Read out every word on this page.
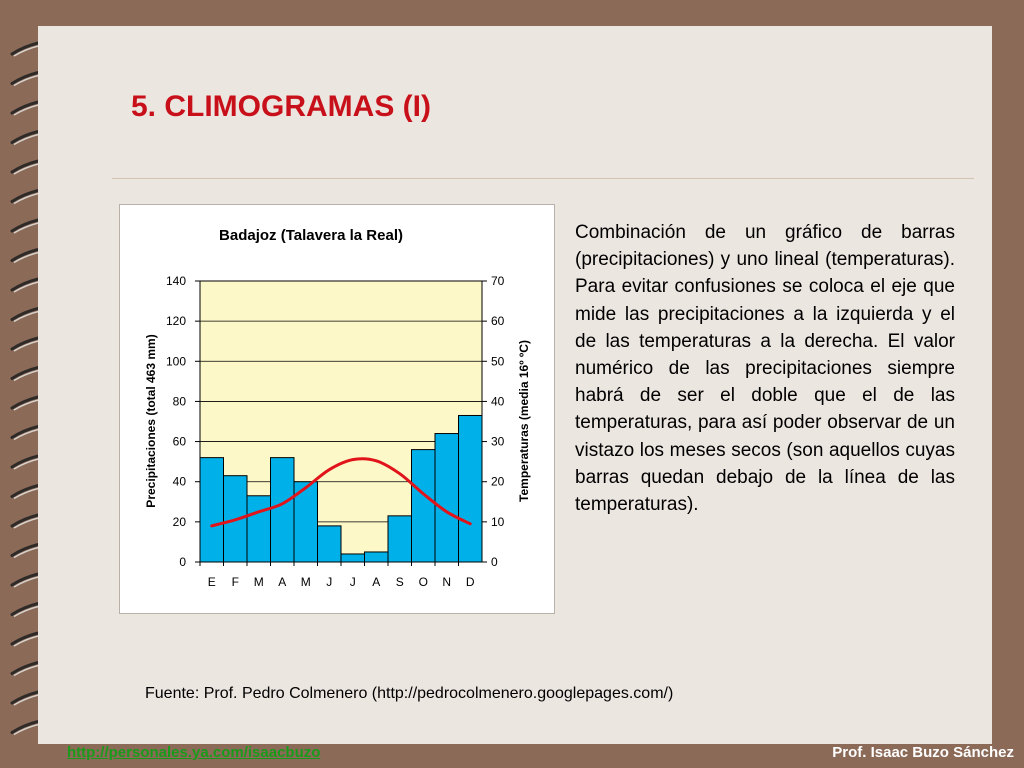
5. CLIMOGRAMAS (I)
Badajoz (Talavera la Real)
Precipitaciones (total 463 mm)	Temperaturas (media 16º ºC)
0
20
40
60
80
100
120
140
0
10
20
30
40
50
60
70
E F M A M J J A S O N D

Combinación de un gráfico de barras (precipitaciones) y uno lineal (temperaturas). Para evitar confusiones se coloca el eje que mide las precipitaciones a la izquierda y el de las temperaturas a la derecha. El valor numérico de las precipitaciones siempre habrá de ser el doble que el de las temperaturas, para así poder observar de un vistazo los meses secos (son aquellos cuyas barras quedan debajo de la línea de las temperaturas).

Fuente: Prof. Pedro Colmenero (http://pedrocolmenero.googlepages.com/)

http://personales.ya.com/isaacbuzo	Prof. Isaac Buzo Sánchez
